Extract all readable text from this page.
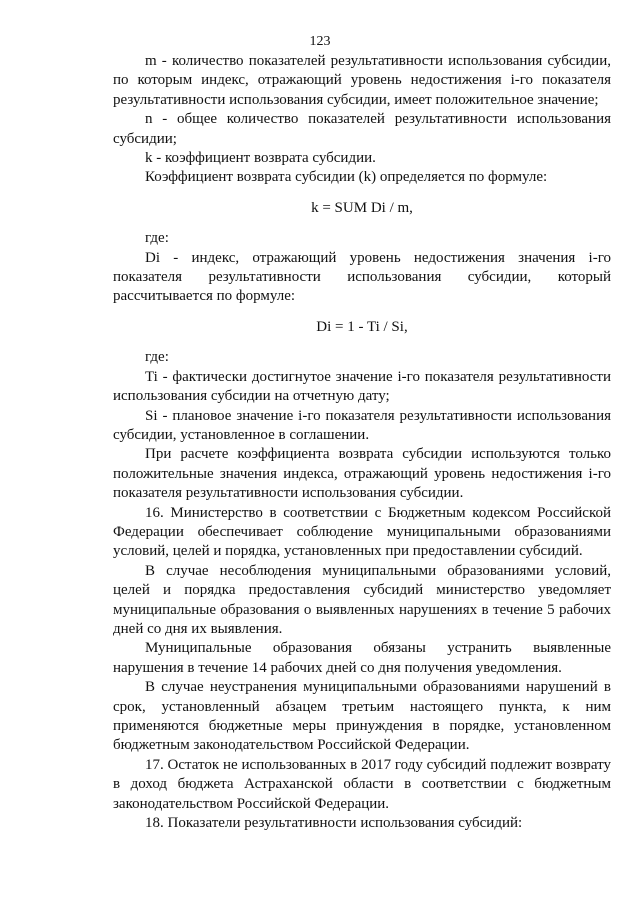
123

m - количество показателей результативности использования субсидии, по которым индекс, отражающий уровень недостижения i-го показателя результативности использования субсидии, имеет положительное значение;

n - общее количество показателей результативности использования субсидии;

k - коэффициент возврата субсидии.

Коэффициент возврата субсидии (k) определяется по формуле:

k = SUM Di / m,

где:

Di - индекс, отражающий уровень недостижения значения i-го показателя результативности использования субсидии, который рассчитывается по формуле:

Di = 1 - Ti / Si,

где:

Ti - фактически достигнутое значение i-го показателя результативности использования субсидии на отчетную дату;

Si - плановое значение i-го показателя результативности использования субсидии, установленное в соглашении.

При расчете коэффициента возврата субсидии используются только положительные значения индекса, отражающий уровень недостижения i-го показателя результативности использования субсидии.

16. Министерство в соответствии с Бюджетным кодексом Российской Федерации обеспечивает соблюдение муниципальными образованиями условий, целей и порядка, установленных при предоставлении субсидий.

В случае несоблюдения муниципальными образованиями условий, целей и порядка предоставления субсидий министерство уведомляет муниципальные образования о выявленных нарушениях в течение 5 рабочих дней со дня их выявления.

Муниципальные образования обязаны устранить выявленные нарушения в течение 14 рабочих дней со дня получения уведомления.

В случае неустранения муниципальными образованиями нарушений в срок, установленный абзацем третьим настоящего пункта, к ним применяются бюджетные меры принуждения в порядке, установленном бюджетным законодательством Российской Федерации.

17. Остаток не использованных в 2017 году субсидий подлежит возврату в доход бюджета Астраханской области в соответствии с бюджетным законодательством Российской Федерации.

18. Показатели результативности использования субсидий:
